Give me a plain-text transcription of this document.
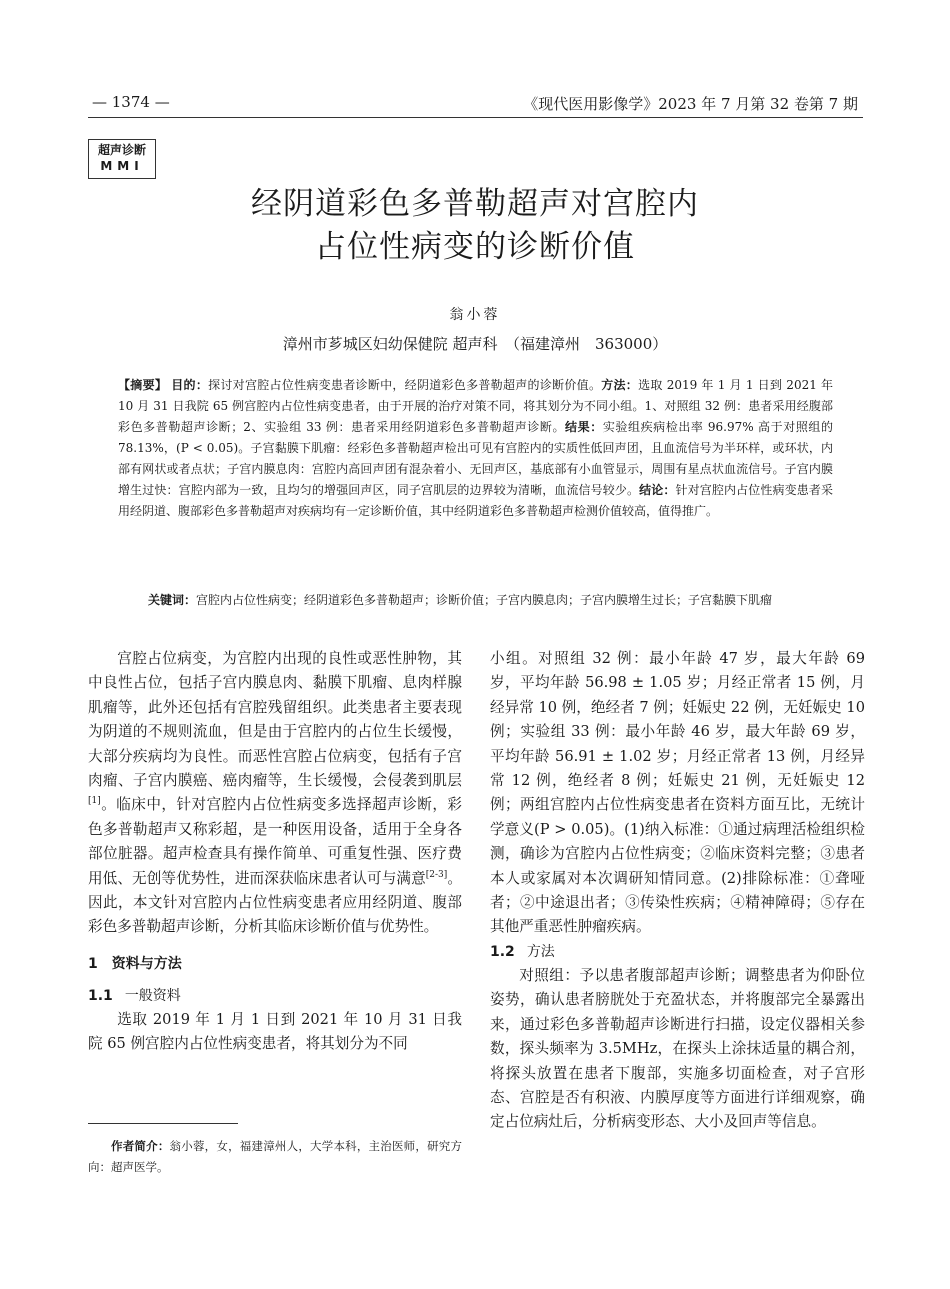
— 1374 —	《现代医用影像学》2023 年 7 月第 32 卷第 7 期
超声诊断
MMI
经阴道彩色多普勒超声对宫腔内
占位性病变的诊断价值
翁小蓉
漳州市芗城区妇幼保健院 超声科　（福建漳州　363000）
【摘要】 目的：探讨对宫腔占位性病变患者诊断中，经阴道彩色多普勒超声的诊断价值。方法：选取 2019 年 1 月 1 日到 2021 年 10 月 31 日我院 65 例宫腔内占位性病变患者，由于开展的治疗对策不同，将其划分为不同小组。1、对照组 32 例：患者采用经腹部彩色多普勒超声诊断；2、实验组 33 例：患者采用经阴道彩色多普勒超声诊断。结果：实验组疾病检出率 96.97% 高于对照组的 78.13%，(P < 0.05)。子宫黏膜下肌瘤：经彩色多普勒超声检出可见有宫腔内的实质性低回声团，且血流信号为半环样，或环状，内部有网状或者点状；子宫内膜息肉：宫腔内高回声团有混杂着小、无回声区，基底部有小血管显示，周围有星点状血流信号。子宫内膜增生过快：宫腔内部为一致，且均匀的增强回声区，同子宫肌层的边界较为清晰，血流信号较少。结论：针对宫腔内占位性病变患者采用经阴道、腹部彩色多普勒超声对疾病均有一定诊断价值，其中经阴道彩色多普勒超声检测价值较高，值得推广。
关键词：宫腔内占位性病变；经阴道彩色多普勒超声；诊断价值；子宫内膜息肉；子宫内膜增生过长；子宫黏膜下肌瘤

宫腔占位病变，为宫腔内出现的良性或恶性肿物，其中良性占位，包括子宫内膜息肉、黏膜下肌瘤、息肉样腺肌瘤等，此外还包括有宫腔残留组织。此类患者主要表现为阴道的不规则流血，但是由于宫腔内的占位生长缓慢，大部分疾病均为良性。而恶性宫腔占位病变，包括有子宫肉瘤、子宫内膜癌、癌肉瘤等，生长缓慢，会侵袭到肌层[1]。临床中，针对宫腔内占位性病变多选择超声诊断，彩色多普勒超声又称彩超，是一种医用设备，适用于全身各部位脏器。超声检查具有操作简单、可重复性强、医疗费用低、无创等优势性，进而深获临床患者认可与满意[2-3]。因此，本文针对宫腔内占位性病变患者应用经阴道、腹部彩色多普勒超声诊断，分析其临床诊断价值与优势性。

1　资料与方法
1.1 一般资料

选取 2019 年 1 月 1 日到 2021 年 10 月 31 日我院 65 例宫腔内占位性病变患者，将其划分为不同

小组。对照组 32 例：最小年龄 47 岁，最大年龄 69 岁，平均年龄 56.98 ± 1.05 岁；月经正常者 15 例，月经异常 10 例，绝经者 7 例；妊娠史 22 例，无妊娠史 10 例；实验组 33 例：最小年龄 46 岁，最大年龄 69 岁，平均年龄 56.91 ± 1.02 岁；月经正常者 13 例，月经异常 12 例，绝经者 8 例；妊娠史 21 例，无妊娠史 12 例；两组宫腔内占位性病变患者在资料方面互比，无统计学意义(P > 0.05)。(1)纳入标准：①通过病理活检组织检测，确诊为宫腔内占位性病变；②临床资料完整；③患者本人或家属对本次调研知情同意。(2)排除标准：①聋哑者；②中途退出者；③传染性疾病；④精神障碍；⑤存在其他严重恶性肿瘤疾病。

1.2 方法

对照组：予以患者腹部超声诊断；调整患者为仰卧位姿势，确认患者膀胱处于充盈状态，并将腹部完全暴露出来，通过彩色多普勒超声诊断进行扫描，设定仪器相关参数，探头频率为 3.5MHz，在探头上涂抹适量的耦合剂，将探头放置在患者下腹部，实施多切面检查，对子宫形态、宫腔是否有积液、内膜厚度等方面进行详细观察，确定占位病灶后，分析病变形态、大小及回声等信息。

作者简介：翁小蓉，女，福建漳州人，大学本科，主治医师，研究方向：超声医学。
